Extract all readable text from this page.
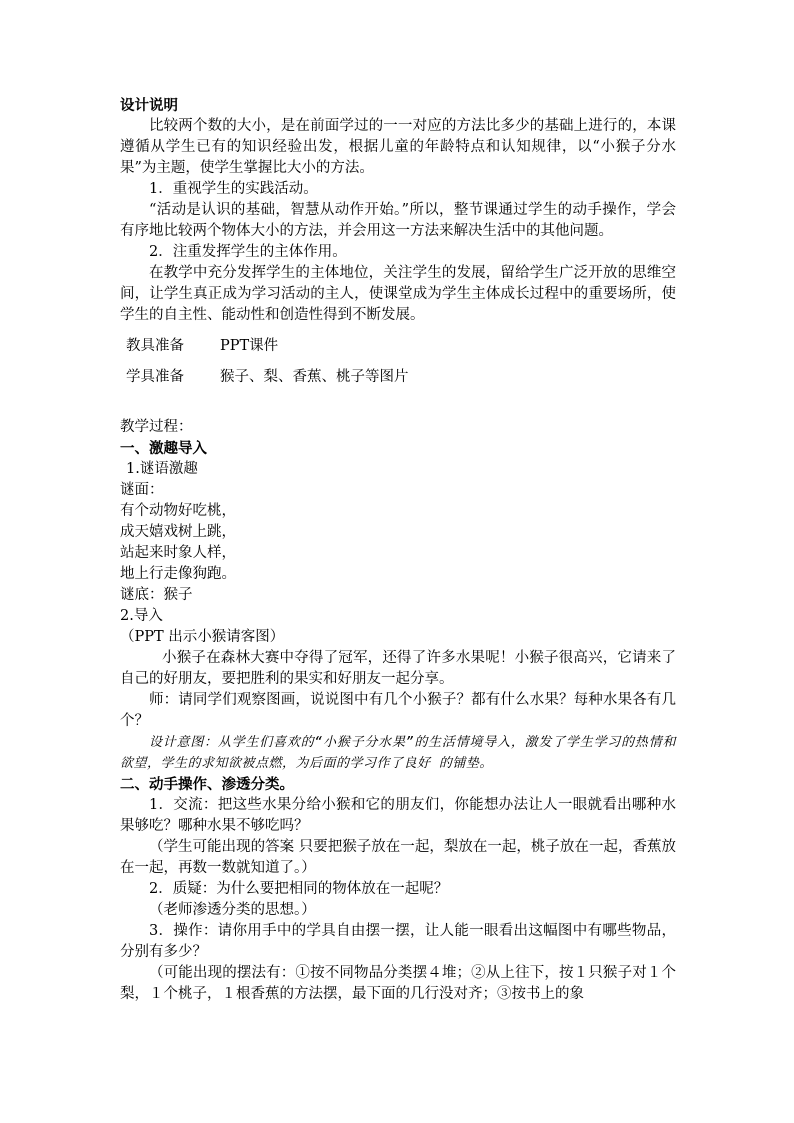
设计说明

比较两个数的大小，是在前面学过的一一对应的方法比多少的基础上进行的，本课遵循从学生已有的知识经验出发，根据儿童的年龄特点和认知规律，以“小猴子分水果”为主题，使学生掌握比大小的方法。

1．重视学生的实践活动。

“活动是认识的基础，智慧从动作开始。”所以，整节课通过学生的动手操作，学会有序地比较两个物体大小的方法，并会用这一方法来解决生活中的其他问题。

2．注重发挥学生的主体作用。

在教学中充分发挥学生的主体地位，关注学生的发展，留给学生广泛开放的思维空间，让学生真正成为学习活动的主人，使课堂成为学生主体成长过程中的重要场所，使学生的自主性、能动性和创造性得到不断发展。

教具准备	PPT课件
学具准备	猴子、梨、香蕉、桃子等图片

教学过程：

一、激趣导入

1.谜语激趣

谜面：

有个动物好吃桃，

成天嬉戏树上跳，

站起来时象人样，

地上行走像狗跑。

谜底：猴子

2.导入

（PPT 出示小猴请客图）

小猴子在森林大赛中夺得了冠军，还得了许多水果呢！小猴子很高兴，它请来了自己的好朋友，要把胜利的果实和好朋友一起分享。

师：请同学们观察图画，说说图中有几个小猴子？都有什么水果？每种水果各有几个？

设计意图：从学生们喜欢的“小猴子分水果”的生活情境导入，激发了学生学习的热情和欲望，学生的求知欲被点燃，为后面的学习作了良好 的铺垫。

二、动手操作、渗透分类。

1．交流：把这些水果分给小猴和它的朋友们，你能想办法让人一眼就看出哪种水果够吃？哪种水果不够吃吗？

（学生可能出现的答案 只要把猴子放在一起，梨放在一起，桃子放在一起，香蕉放在一起，再数一数就知道了。）

2．质疑：为什么要把相同的物体放在一起呢？

（老师渗透分类的思想。）

3．操作：请你用手中的学具自由摆一摆，让人能一眼看出这幅图中有哪些物品，分别有多少？

（可能出现的摆法有：①按不同物品分类摆４堆；②从上往下，按１只猴子对１个梨，１个桃子，１根香蕉的方法摆，最下面的几行没对齐；③按书上的象
